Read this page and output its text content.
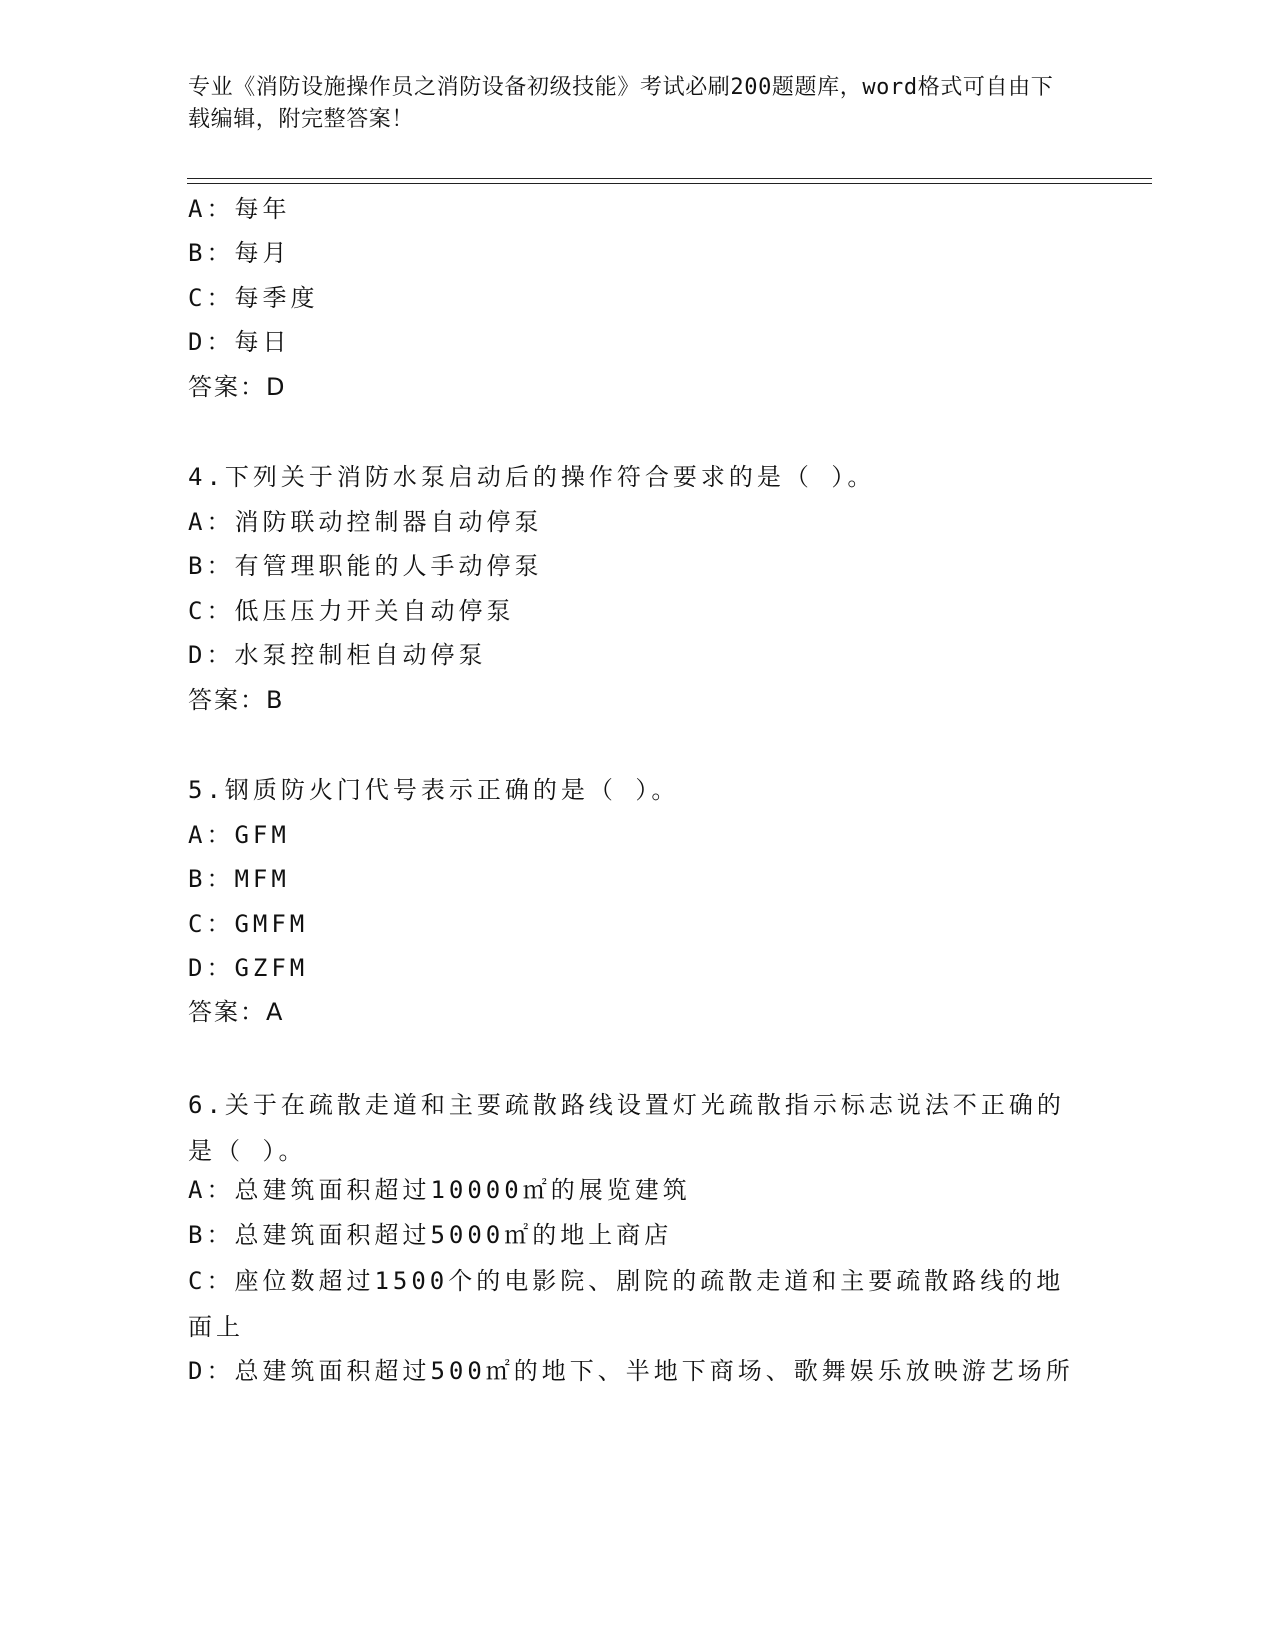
专业《消防设施操作员之消防设备初级技能》考试必刷200题题库，word格式可自由下载编辑，附完整答案！
A：每年
B：每月
C：每季度
D：每日
答案：D
4.下列关于消防水泵启动后的操作符合要求的是（ ）。
A：消防联动控制器自动停泵
B：有管理职能的人手动停泵
C：低压压力开关自动停泵
D：水泵控制柜自动停泵
答案：B
5.钢质防火门代号表示正确的是（ ）。
A：GFM
B：MFM
C：GMFM
D：GZFM
答案：A
6.关于在疏散走道和主要疏散路线设置灯光疏散指示标志说法不正确的是（ ）。
A：总建筑面积超过10000㎡的展览建筑
B：总建筑面积超过5000㎡的地上商店
C：座位数超过1500个的电影院、剧院的疏散走道和主要疏散路线的地面上
D：总建筑面积超过500㎡的地下、半地下商场、歌舞娱乐放映游艺场所
